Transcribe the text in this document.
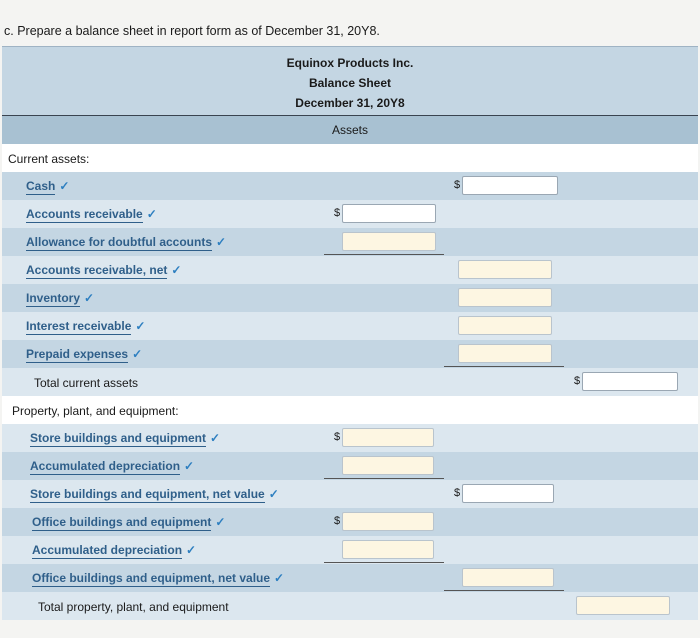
c. Prepare a balance sheet in report form as of December 31, 20Y8.
Equinox Products Inc.
Balance Sheet
December 31, 20Y8
Assets
Current assets:
Cash ✓	$
Accounts receivable ✓	$
Allowance for doubtful accounts ✓
Accounts receivable, net ✓
Inventory ✓
Interest receivable ✓
Prepaid expenses ✓
Total current assets	$
Property, plant, and equipment:
Store buildings and equipment ✓	$
Accumulated depreciation ✓
Store buildings and equipment, net value ✓	$
Office buildings and equipment ✓	$
Accumulated depreciation ✓
Office buildings and equipment, net value ✓
Total property, plant, and equipment
